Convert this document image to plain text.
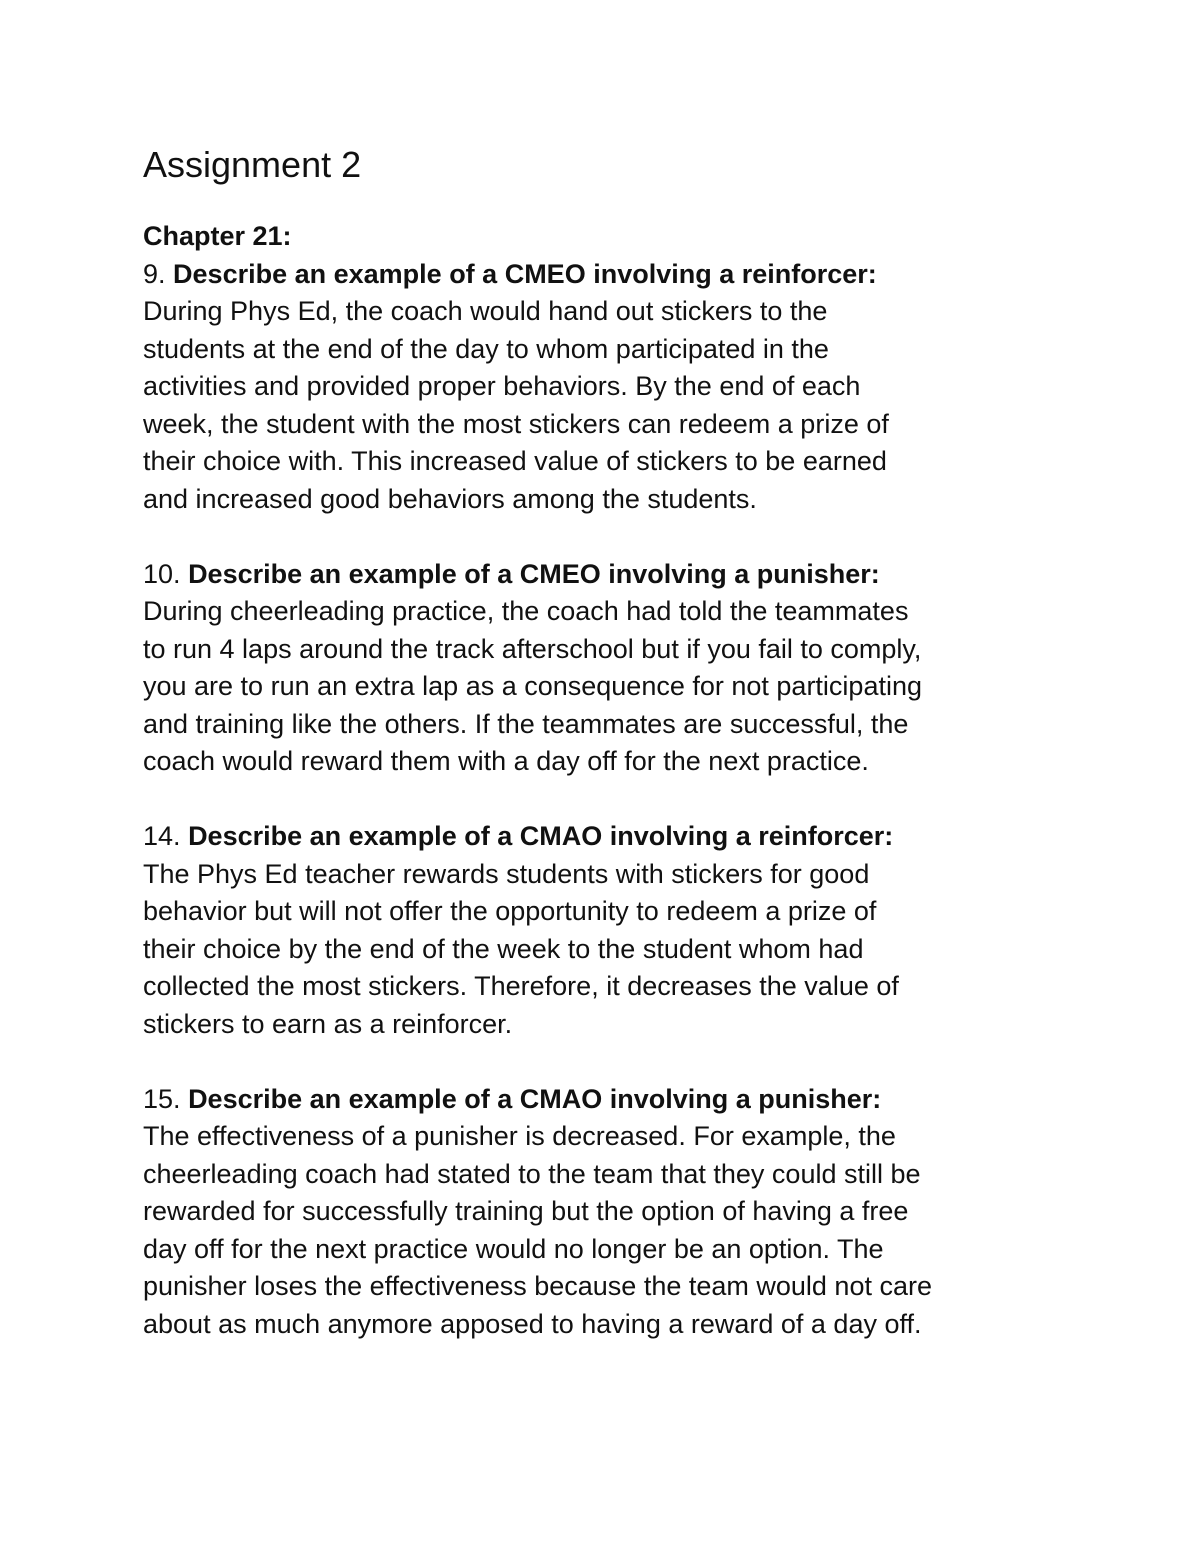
Assignment 2
Chapter 21:
9. Describe an example of a CMEO involving a reinforcer:
During Phys Ed, the coach would hand out stickers to the
students at the end of the day to whom participated in the
activities and provided proper behaviors. By the end of each
week, the student with the most stickers can redeem a prize of
their choice with. This increased value of stickers to be earned
and increased good behaviors among the students.
10. Describe an example of a CMEO involving a punisher:
During cheerleading practice, the coach had told the teammates
to run 4 laps around the track afterschool but if you fail to comply,
you are to run an extra lap as a consequence for not participating
and training like the others. If the teammates are successful, the
coach would reward them with a day off for the next practice.
14. Describe an example of a CMAO involving a reinforcer:
The Phys Ed teacher rewards students with stickers for good
behavior but will not offer the opportunity to redeem a prize of
their choice by the end of the week to the student whom had
collected the most stickers. Therefore, it decreases the value of
stickers to earn as a reinforcer.
15. Describe an example of a CMAO involving a punisher:
The effectiveness of a punisher is decreased. For example, the
cheerleading coach had stated to the team that they could still be
rewarded for successfully training but the option of having a free
day off for the next practice would no longer be an option. The
punisher loses the effectiveness because the team would not care
about as much anymore apposed to having a reward of a day off.
